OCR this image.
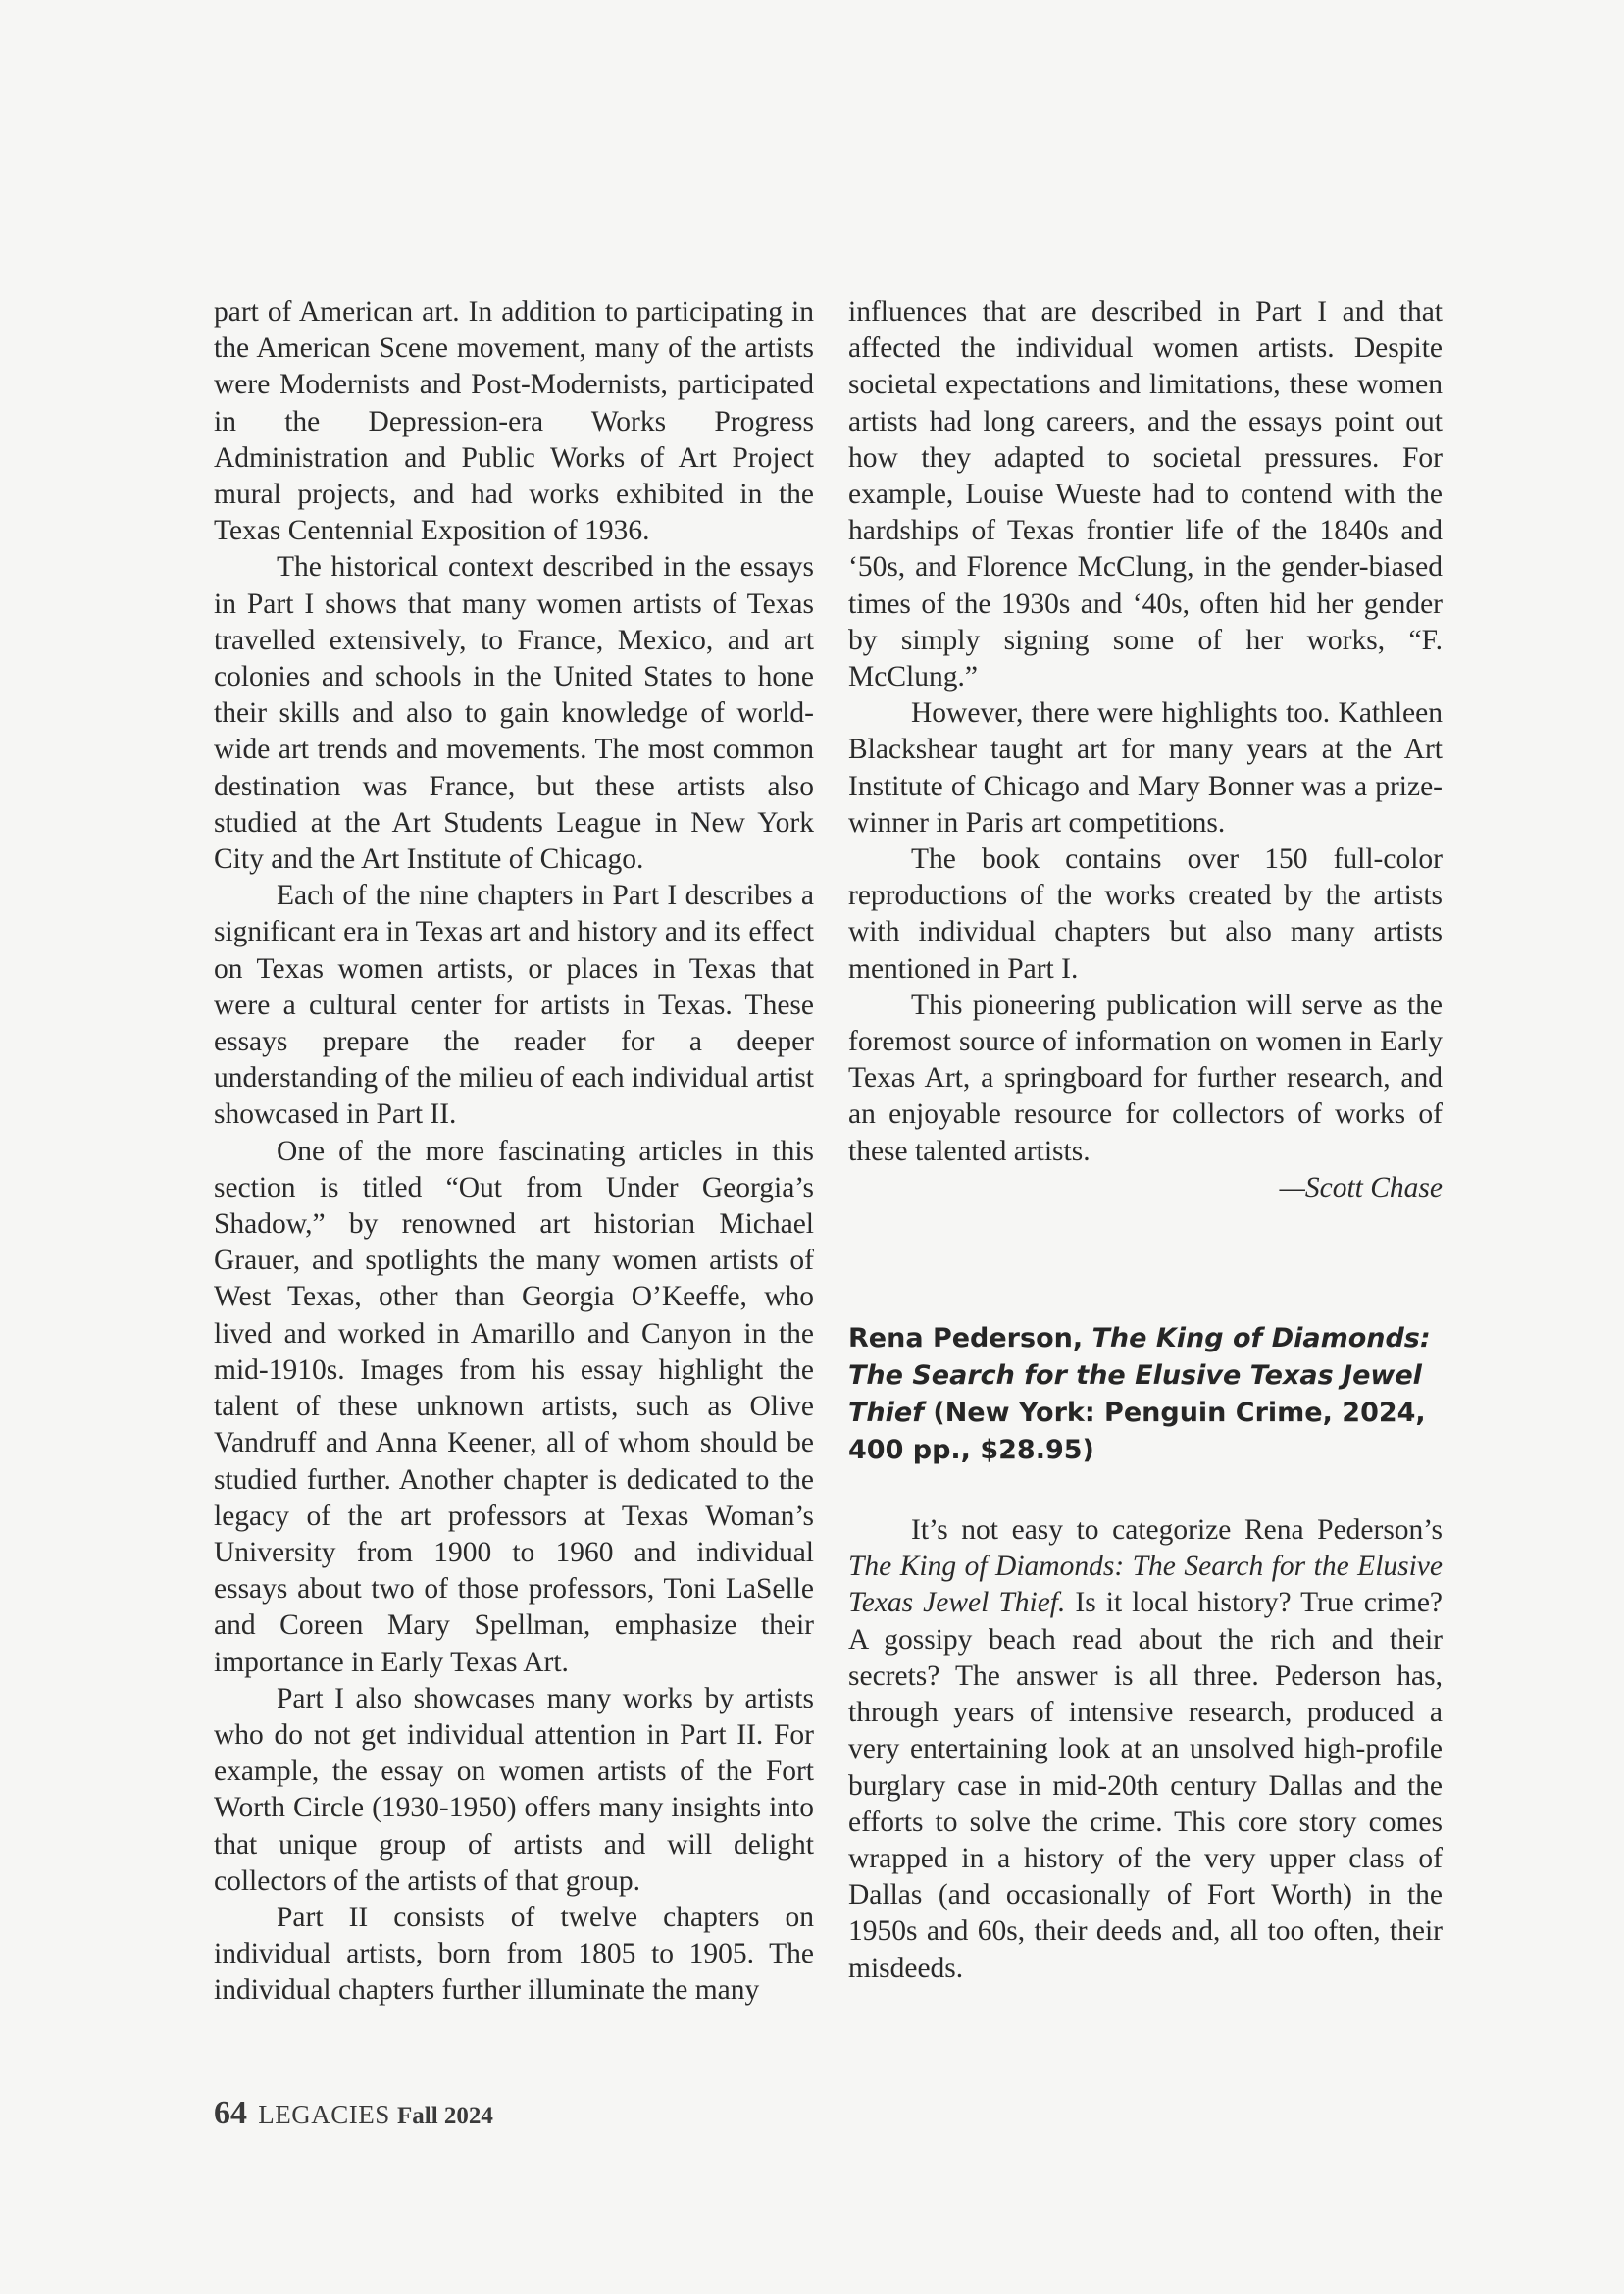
part of American art. In addition to participating in the American Scene movement, many of the artists were Modernists and Post-Modernists, participated in the Depression-era Works Progress Administration and Public Works of Art Project mural projects, and had works exhibited in the Texas Centennial Exposition of 1936.

The historical context described in the essays in Part I shows that many women artists of Texas travelled extensively, to France, Mexico, and art colonies and schools in the United States to hone their skills and also to gain knowledge of world-wide art trends and movements. The most common destination was France, but these artists also studied at the Art Students League in New York City and the Art Institute of Chicago.

Each of the nine chapters in Part I describes a significant era in Texas art and history and its effect on Texas women artists, or places in Texas that were a cultural center for artists in Texas. These essays prepare the reader for a deeper understanding of the milieu of each individual artist showcased in Part II.

One of the more fascinating articles in this section is titled “Out from Under Georgia’s Shadow,” by renowned art historian Michael Grauer, and spotlights the many women artists of West Texas, other than Georgia O’Keeffe, who lived and worked in Amarillo and Canyon in the mid-1910s. Images from his essay highlight the talent of these unknown artists, such as Olive Vandruff and Anna Keener, all of whom should be studied further. Another chapter is dedicated to the legacy of the art professors at Texas Woman’s University from 1900 to 1960 and individual essays about two of those professors, Toni LaSelle and Coreen Mary Spellman, emphasize their importance in Early Texas Art.

Part I also showcases many works by artists who do not get individual attention in Part II. For example, the essay on women artists of the Fort Worth Circle (1930-1950) offers many insights into that unique group of artists and will delight collectors of the artists of that group.

Part II consists of twelve chapters on individual artists, born from 1805 to 1905. The individual chapters further illuminate the many

influences that are described in Part I and that affected the individual women artists. Despite societal expectations and limitations, these women artists had long careers, and the essays point out how they adapted to societal pressures. For example, Louise Wueste had to contend with the hardships of Texas frontier life of the 1840s and ‘50s, and Florence McClung, in the gender-biased times of the 1930s and ‘40s, often hid her gender by simply signing some of her works, “F. McClung.”

However, there were highlights too. Kathleen Blackshear taught art for many years at the Art Institute of Chicago and Mary Bonner was a prize-winner in Paris art competitions.

The book contains over 150 full-color reproductions of the works created by the artists with individual chapters but also many artists mentioned in Part I.

This pioneering publication will serve as the foremost source of information on women in Early Texas Art, a springboard for further research, and an enjoyable resource for collectors of works of these talented artists.

—Scott Chase
Rena Pederson, The King of Diamonds: The Search for the Elusive Texas Jewel Thief (New York: Penguin Crime, 2024, 400 pp., $28.95)

It’s not easy to categorize Rena Pederson’s The King of Diamonds: The Search for the Elusive Texas Jewel Thief. Is it local history? True crime? A gossipy beach read about the rich and their secrets? The answer is all three. Pederson has, through years of intensive research, produced a very entertaining look at an unsolved high-profile burglary case in mid-20th century Dallas and the efforts to solve the crime. This core story comes wrapped in a history of the very upper class of Dallas (and occasionally of Fort Worth) in the 1950s and 60s, their deeds and, all too often, their misdeeds.

64 LEGACIES Fall 2024
